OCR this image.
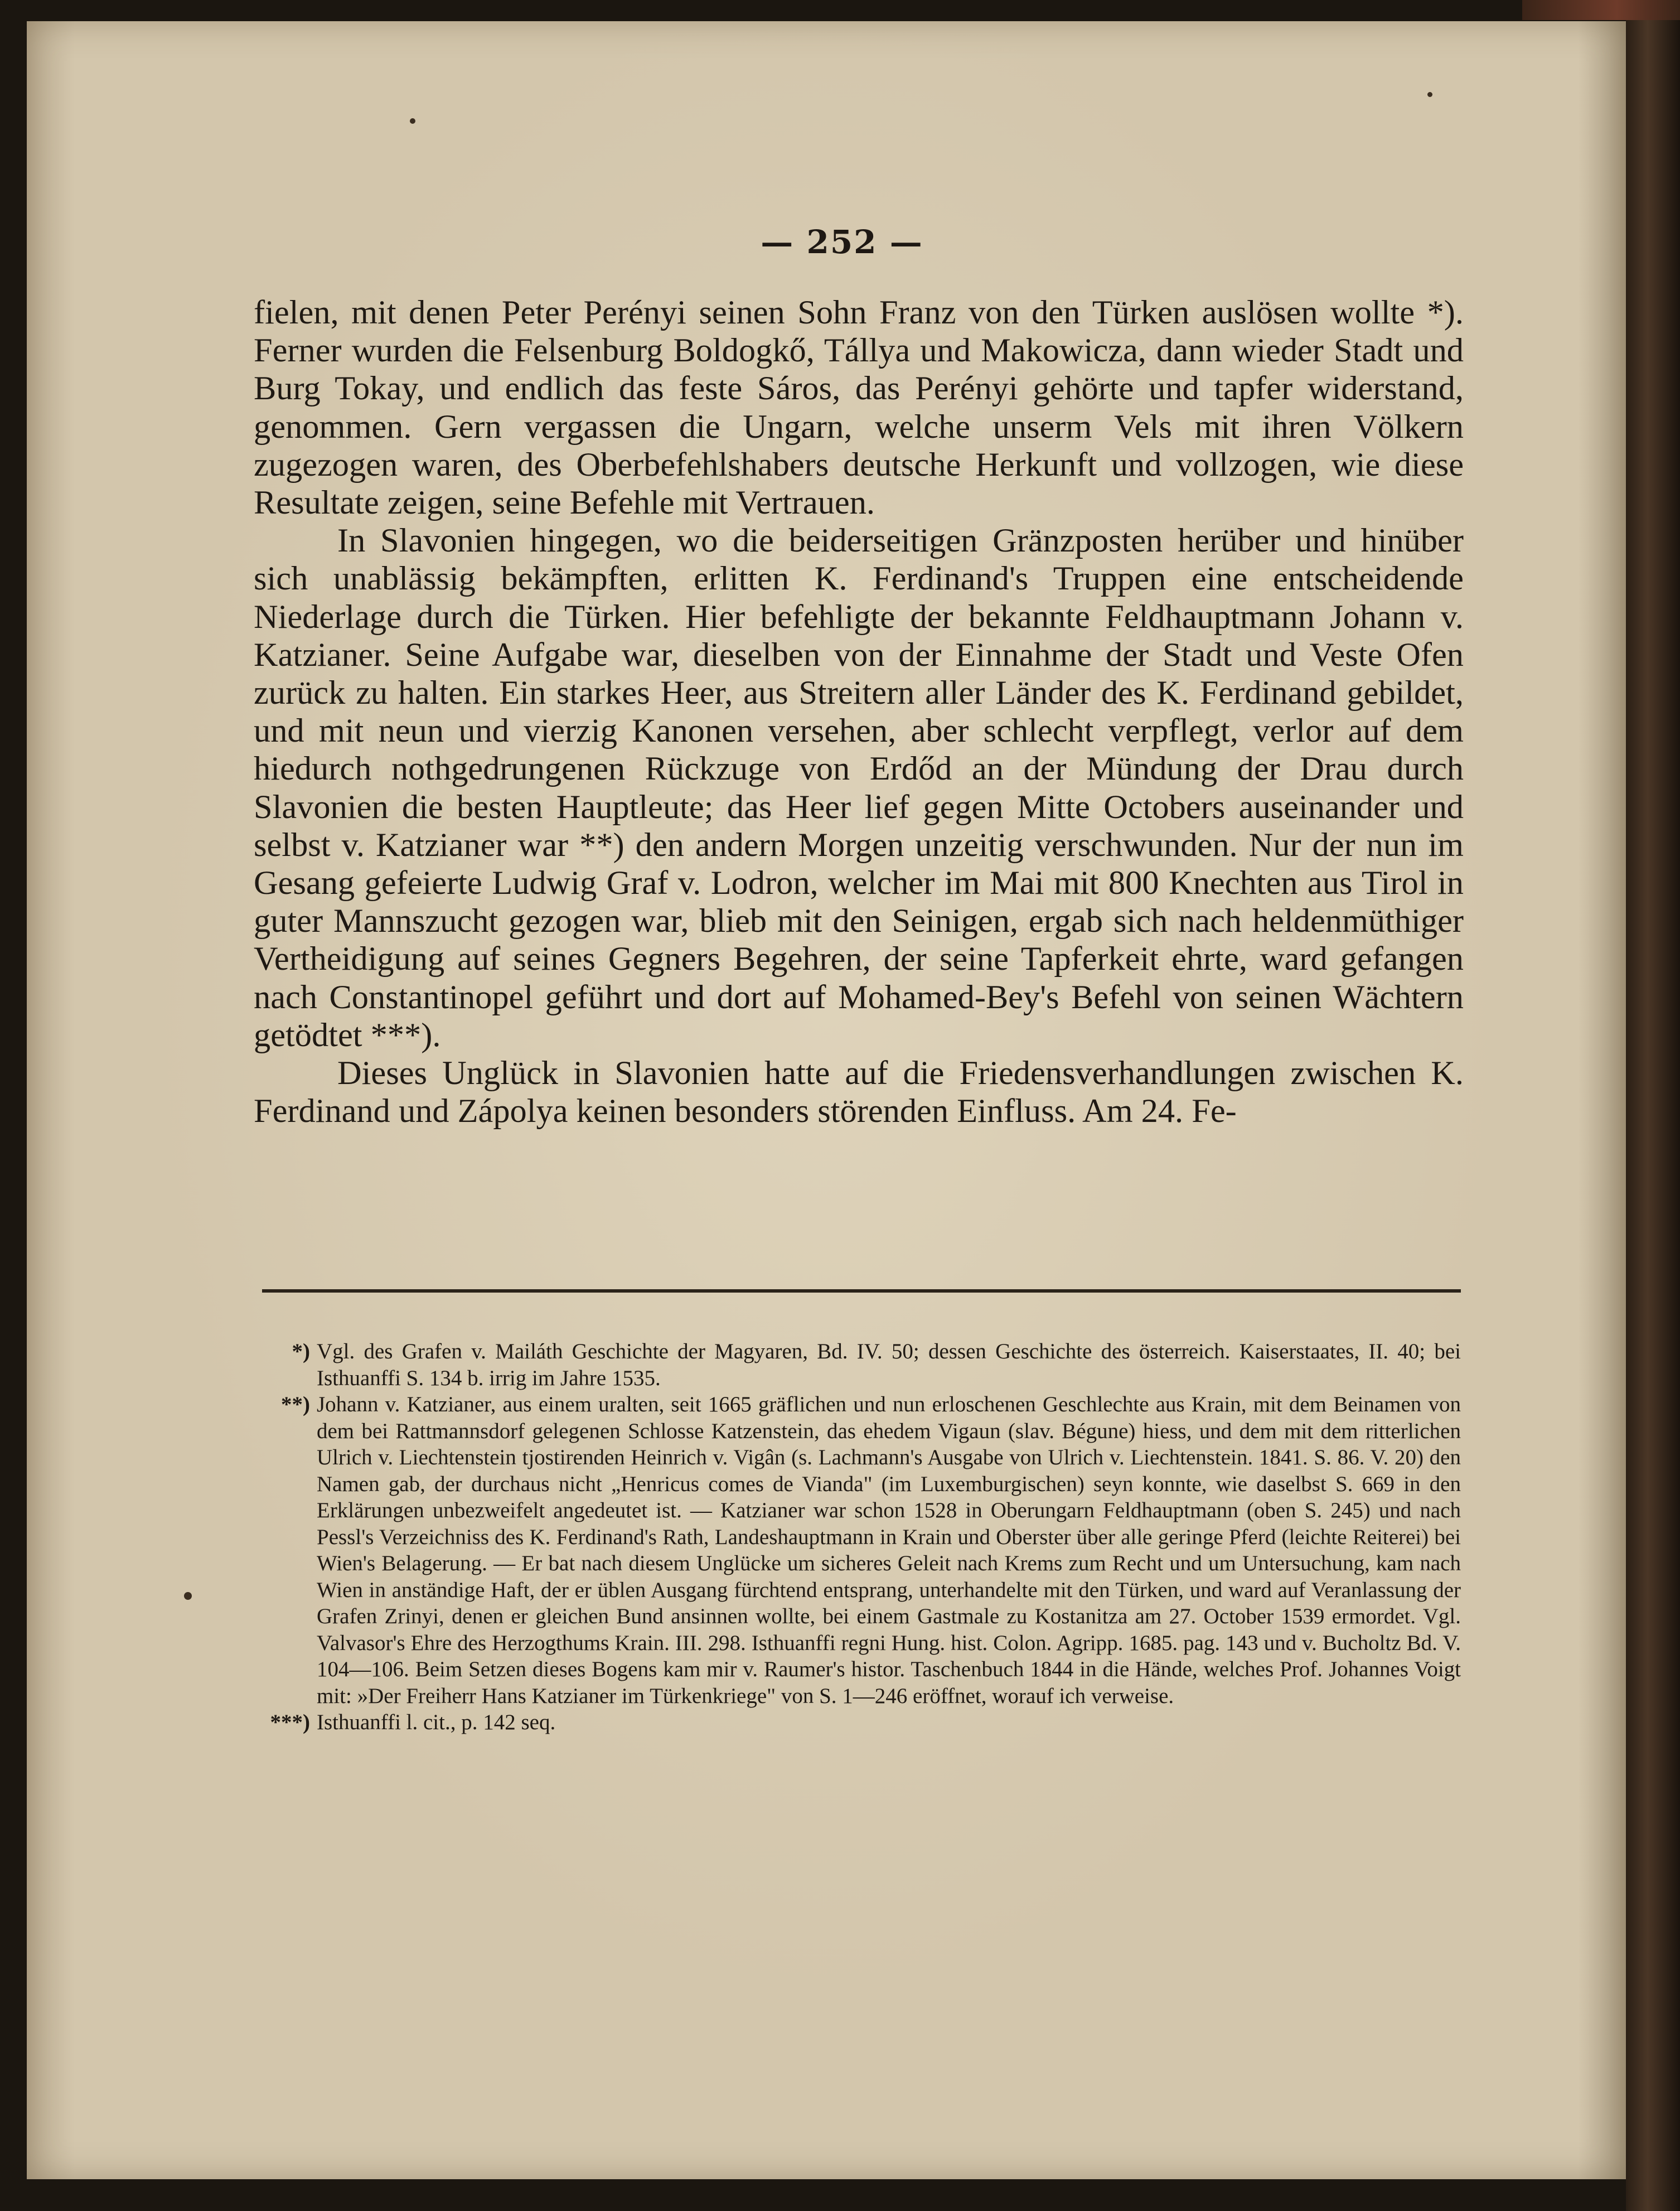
— 252 —

fielen, mit denen Peter Perényi seinen Sohn Franz von den Türken auslösen wollte *). Ferner wurden die Felsenburg Boldogkő, Tállya und Makowicza, dann wieder Stadt und Burg Tokay, und endlich das feste Sáros, das Perényi gehörte und tapfer widerstand, genommen. Gern vergassen die Ungarn, welche unserm Vels mit ihren Völkern zugezogen waren, des Oberbefehlshabers deutsche Herkunft und vollzogen, wie diese Resultate zeigen, seine Befehle mit Vertrauen.

In Slavonien hingegen, wo die beiderseitigen Gränzposten herüber und hinüber sich unablässig bekämpften, erlitten K. Ferdinand's Truppen eine entscheidende Niederlage durch die Türken. Hier befehligte der bekannte Feldhauptmann Johann v. Katzianer. Seine Aufgabe war, dieselben von der Einnahme der Stadt und Veste Ofen zurück zu halten. Ein starkes Heer, aus Streitern aller Länder des K. Ferdinand gebildet, und mit neun und vierzig Kanonen versehen, aber schlecht verpflegt, verlor auf dem hiedurch nothgedrungenen Rückzuge von Erdőd an der Mündung der Drau durch Slavonien die besten Hauptleute; das Heer lief gegen Mitte Octobers auseinander und selbst v. Katzianer war **) den andern Morgen unzeitig verschwunden. Nur der nun im Gesang gefeierte Ludwig Graf v. Lodron, welcher im Mai mit 800 Knechten aus Tirol in guter Mannszucht gezogen war, blieb mit den Seinigen, ergab sich nach heldenmüthiger Vertheidigung auf seines Gegners Begehren, der seine Tapferkeit ehrte, ward gefangen nach Constantinopel geführt und dort auf Mohamed-Bey's Befehl von seinen Wächtern getödtet ***).

Dieses Unglück in Slavonien hatte auf die Friedensverhandlungen zwischen K. Ferdinand und Zápolya keinen besonders störenden Einfluss. Am 24. Fe-

*) Vgl. des Grafen v. Mailáth Geschichte der Magyaren, Bd. IV. 50; dessen Geschichte des österreich. Kaiserstaates, II. 40; bei Isthuanffi S. 134 b. irrig im Jahre 1535.
**) Johann v. Katzianer, aus einem uralten, seit 1665 gräflichen und nun erloschenen Geschlechte aus Krain, mit dem Beinamen von dem bei Rattmannsdorf gelegenen Schlosse Katzenstein, das ehedem Vigaun (slav. Bégune) hiess, und dem mit dem ritterlichen Ulrich v. Liechtenstein tjostirenden Heinrich v. Vigân (s. Lachmann's Ausgabe von Ulrich v. Liechtenstein. 1841. S. 86. V. 20) den Namen gab, der durchaus nicht „Henricus comes de Vianda" (im Luxemburgischen) seyn konnte, wie daselbst S. 669 in den Erklärungen unbezweifelt angedeutet ist. — Katzianer war schon 1528 in Oberungarn Feldhauptmann (oben S. 245) und nach Pessl's Verzeichniss des K. Ferdinand's Rath, Landeshauptmann in Krain und Oberster über alle geringe Pferd (leichte Reiterei) bei Wien's Belagerung. — Er bat nach diesem Unglücke um sicheres Geleit nach Krems zum Recht und um Untersuchung, kam nach Wien in anständige Haft, der er üblen Ausgang fürchtend entsprang, unterhandelte mit den Türken, und ward auf Veranlassung der Grafen Zrinyi, denen er gleichen Bund ansinnen wollte, bei einem Gastmale zu Kostanitza am 27. October 1539 ermordet. Vgl. Valvasor's Ehre des Herzogthums Krain. III. 298. Isthuanffi regni Hung. hist. Colon. Agripp. 1685. pag. 143 und v. Bucholtz Bd. V. 104—106. Beim Setzen dieses Bogens kam mir v. Raumer's histor. Taschenbuch 1844 in die Hände, welches Prof. Johannes Voigt mit: »Der Freiherr Hans Katzianer im Türkenkriege" von S. 1—246 eröffnet, worauf ich verweise.
***) Isthuanffi l. cit., p. 142 seq.
